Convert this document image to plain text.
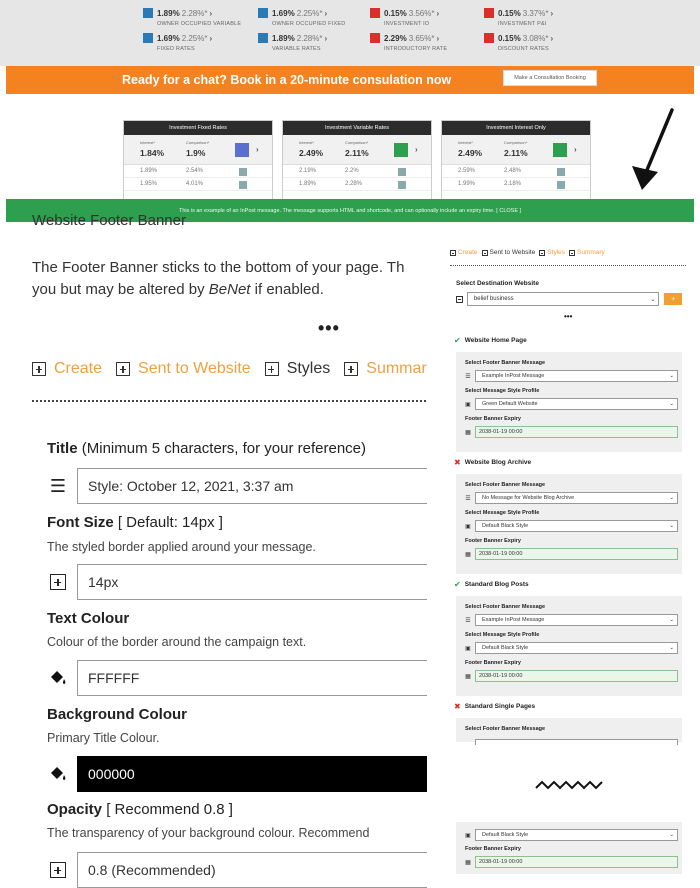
1.89% 2.28%* ›
OWNER OCCUPIED VARIABLE
1.69% 2.25%* ›
OWNER OCCUPIED FIXED
0.15% 3.56%* ›
INVESTMENT IO
0.15% 3.37%* ›
INVESTMENT P&I
1.69% 2.25%* ›
FIXED RATES
1.89% 2.28%* ›
VARIABLE RATES
2.29% 3.65%* ›
INTRODUCTORY RATE
0.15% 3.08%* ›
DISCOUNT RATES
Ready for a chat? Book in a 20-minute consulation now	Make a Consultation Booking
Investment Fixed Rates
Interest*	Comparison*
1.84%	1.9%	›
1.89%	2.54%
1.95%	4.01%
Investment Variable Rates
Interest*	Comparison*
2.49%	2.11%	›
2.19%	2.2%
1.89%	2.28%
Investment Interest Only
Interest*	Comparison*
2.49%	2.11%	›
2.59%	2.48%
1.99%	2.18%
This is an example of an InPost message. The message supports HTML and shortcode, and can optionally include an expiry time. [ CLOSE ]
Website Footer Banner

The Footer Banner sticks to the bottom of your page. Th

you but may be altered by BeNet if enabled.

•••
Create Sent to Website Styles Summar
Title (Minimum 5 characters, for your reference)
☰	Style: October 12, 2021, 3:37 am
Font Size [ Default: 14px ]
The styled border applied around your message.
14px
Text Colour
Colour of the border around the campaign text.
FFFFFF
Background Colour
Primary Title Colour.
000000
Opacity [ Recommend 0.8 ]
The transparency of your background colour. Recommend
0.8 (Recommended)
Create Sent to Website Styles Summary
Select Destination Website
belief business	⌄	+
•••
✔ Website Home Page
Select Footer Banner Message
☰ Example InPost Message	⌄
Select Message Style Profile
▣ Green Default Website	⌄
Footer Banner Expiry
▦	2038-01-19 00:00
✖ Website Blog Archive
Select Footer Banner Message
☰ No Message for Website Blog Archive	⌄
Select Message Style Profile
▣ Default Black Style	⌄
Footer Banner Expiry
▦	2038-01-19 00:00
✔ Standard Blog Posts
Select Footer Banner Message
☰ Example InPost Message	⌄
Select Message Style Profile
▣ Default Black Style	⌄
Footer Banner Expiry
▦	2038-01-19 00:00
✖ Standard Single Pages
Select Footer Banner Message
▣ Default Black Style	⌄
Footer Banner Expiry
▦	2038-01-19 00:00
